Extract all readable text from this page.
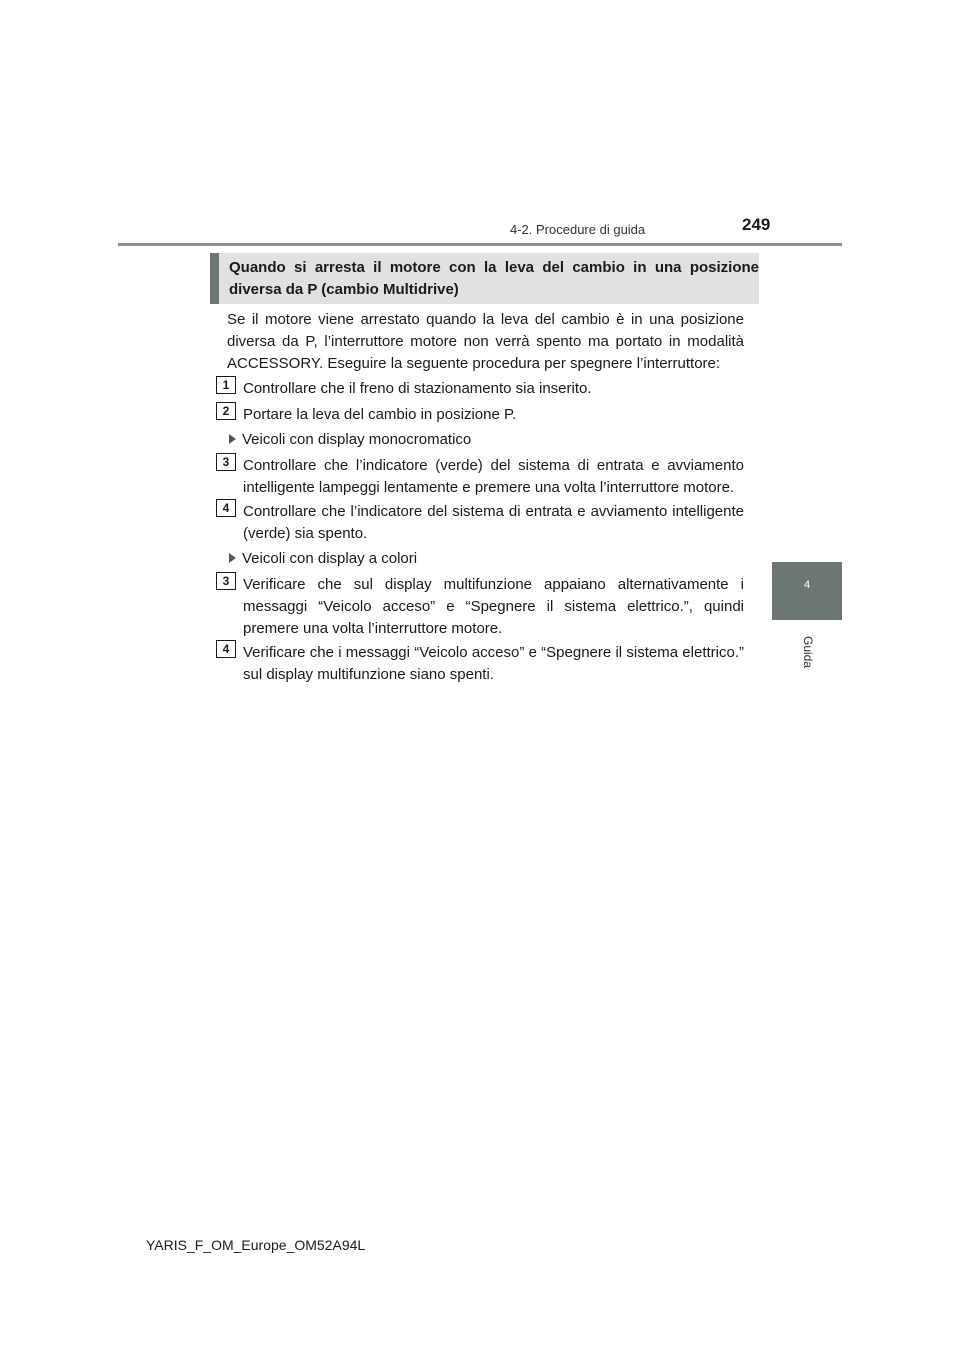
4-2. Procedure di guida	249
4
Guida
Quando si arresta il motore con la leva del cambio in una posizione diversa da P (cambio Multidrive)
Se il motore viene arrestato quando la leva del cambio è in una posizione diversa da P, l’interruttore motore non verrà spento ma portato in modalità ACCESSORY. Eseguire la seguente procedura per spegnere l’interruttore:
1 Controllare che il freno di stazionamento sia inserito.
2 Portare la leva del cambio in posizione P.
Veicoli con display monocromatico
3 Controllare che l’indicatore (verde) del sistema di entrata e avviamento intelligente lampeggi lentamente e premere una volta l’interruttore motore.
4 Controllare che l’indicatore del sistema di entrata e avviamento intelligente (verde) sia spento.
Veicoli con display a colori
3 Verificare che sul display multifunzione appaiano alternativamente i messaggi “Veicolo acceso” e “Spegnere il sistema elettrico.”, quindi premere una volta l’interruttore motore.
4 Verificare che i messaggi “Veicolo acceso” e “Spegnere il sistema elettrico.” sul display multifunzione siano spenti.
YARIS_F_OM_Europe_OM52A94L
